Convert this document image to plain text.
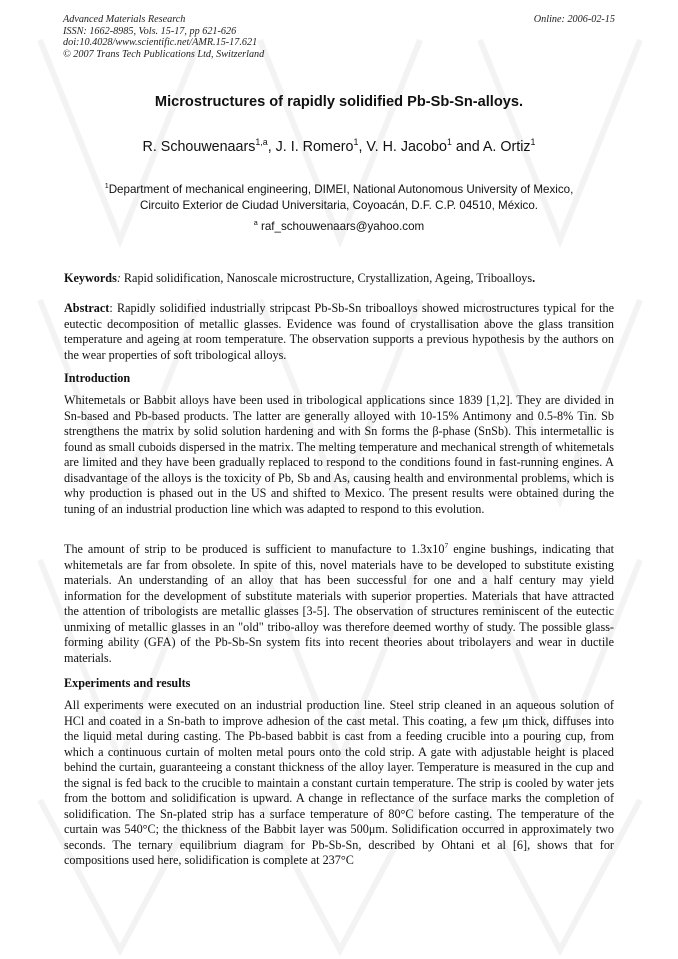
Advanced Materials Research
ISSN: 1662-8985, Vols. 15-17, pp 621-626
doi:10.4028/www.scientific.net/AMR.15-17.621
© 2007 Trans Tech Publications Ltd, Switzerland
Online: 2006-02-15
Microstructures of rapidly solidified Pb-Sb-Sn-alloys.
R. Schouwenaars$^{1,a}$, J. I. Romero$^1$, V. H. Jacobo$^1$ and A. Ortiz$^1$
$^1$Department of mechanical engineering, DIMEI, National Autonomous University of Mexico,
Circuito Exterior de Ciudad Universitaria, Coyoacán, D.F. C.P. 04510, México.
$^a$ raf_schouwenaars@yahoo.com
Keywords: Rapid solidification, Nanoscale microstructure, Crystallization, Ageing, Triboalloys.
Abstract: Rapidly solidified industrially stripcast Pb-Sb-Sn triboalloys showed microstructures typical for the eutectic decomposition of metallic glasses. Evidence was found of crystallisation above the glass transition temperature and ageing at room temperature. The observation supports a previous hypothesis by the authors on the wear properties of soft tribological alloys.
Introduction

Whitemetals or Babbit alloys have been used in tribological applications since 1839 [1,2]. They are divided in Sn-based and Pb-based products. The latter are generally alloyed with 10-15% Antimony and 0.5-8% Tin. Sb strengthens the matrix by solid solution hardening and with Sn forms the β-phase (SnSb). This intermetallic is found as small cuboids dispersed in the matrix. The melting temperature and mechanical strength of whitemetals are limited and they have been gradually replaced to respond to the conditions found in fast-running engines. A disadvantage of the alloys is the toxicity of Pb, Sb and As, causing health and environmental problems, which is why production is phased out in the US and shifted to Mexico. The present results were obtained during the tuning of an industrial production line which was adapted to respond to this evolution.

The amount of strip to be produced is sufficient to manufacture to $1.3x10^7$ engine bushings, indicating that whitemetals are far from obsolete. In spite of this, novel materials have to be developed to substitute existing materials. An understanding of an alloy that has been successful for one and a half century may yield information for the development of substitute materials with superior properties. Materials that have attracted the attention of tribologists are metallic glasses [3-5]. The observation of structures reminiscent of the eutectic unmixing of metallic glasses in an "old" tribo-alloy was therefore deemed worthy of study. The possible glass-forming ability (GFA) of the Pb-Sb-Sn system fits into recent theories about tribolayers and wear in ductile materials.

Experiments and results

All experiments were executed on an industrial production line. Steel strip cleaned in an aqueous solution of HCl and coated in a Sn-bath to improve adhesion of the cast metal. This coating, a few μm thick, diffuses into the liquid metal during casting. The Pb-based babbit is cast from a feeding crucible into a pouring cup, from which a continuous curtain of molten metal pours onto the cold strip. A gate with adjustable height is placed behind the curtain, guaranteeing a constant thickness of the alloy layer. Temperature is measured in the cup and the signal is fed back to the crucible to maintain a constant curtain temperature. The strip is cooled by water jets from the bottom and solidification is upward. A change in reflectance of the surface marks the completion of solidification. The Sn-plated strip has a surface temperature of 80°C before casting. The temperature of the curtain was 540°C; the thickness of the Babbit layer was 500μm. Solidification occurred in approximately two seconds. The ternary equilibrium diagram for Pb-Sb-Sn, described by Ohtani et al [6], shows that for compositions used here, solidification is complete at 237°C
